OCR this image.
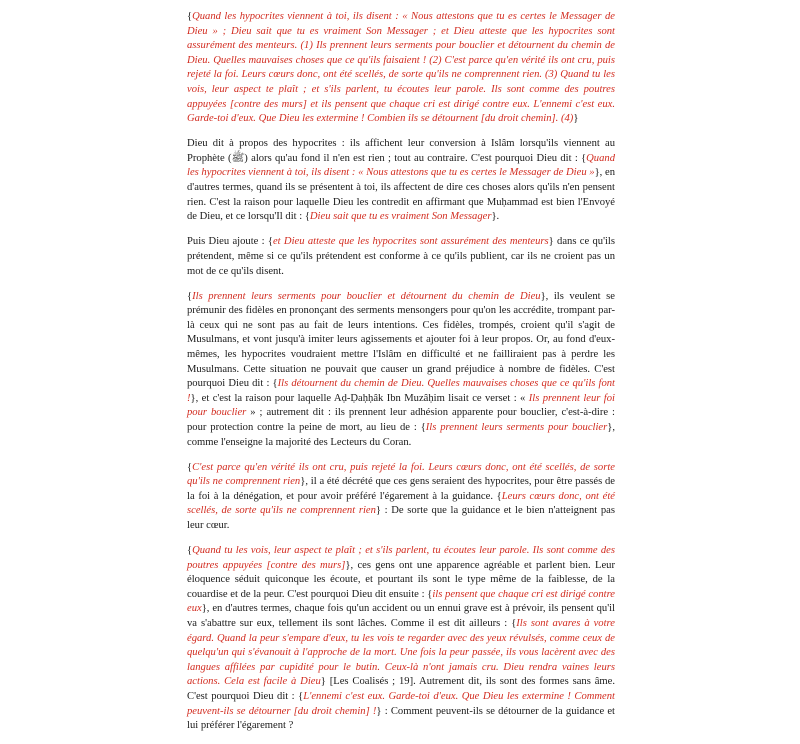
{Quand les hypocrites viennent à toi, ils disent : « Nous attestons que tu es certes le Messager de Dieu » ; Dieu sait que tu es vraiment Son Messager ; et Dieu atteste que les hypocrites sont assurément des menteurs. (1) Ils prennent leurs serments pour bouclier et détournent du chemin de Dieu. Quelles mauvaises choses que ce qu'ils faisaient ! (2) C'est parce qu'en vérité ils ont cru, puis rejeté la foi. Leurs cœurs donc, ont été scellés, de sorte qu'ils ne comprennent rien. (3) Quand tu les vois, leur aspect te plaît ; et s'ils parlent, tu écoutes leur parole. Ils sont comme des poutres appuyées [contre des murs] et ils pensent que chaque cri est dirigé contre eux. L'ennemi c'est eux. Garde-toi d'eux. Que Dieu les extermine ! Combien ils se détournent [du droit chemin]. (4)}

Dieu dit à propos des hypocrites : ils affichent leur conversion à Islâm lorsqu'ils viennent au Prophète (ﷺ) alors qu'au fond il n'en est rien ; tout au contraire. C'est pourquoi Dieu dit : {Quand les hypocrites viennent à toi, ils disent : « Nous attestons que tu es certes le Messager de Dieu »}, en d'autres termes, quand ils se présentent à toi, ils affectent de dire ces choses alors qu'ils n'en pensent rien. C'est la raison pour laquelle Dieu les contredit en affirmant que Muḥammad est bien l'Envoyé de Dieu, et ce lorsqu'Il dit : {Dieu sait que tu es vraiment Son Messager}.

Puis Dieu ajoute : {et Dieu atteste que les hypocrites sont assurément des menteurs} dans ce qu'ils prétendent, même si ce qu'ils prétendent est conforme à ce qu'ils publient, car ils ne croient pas un mot de ce qu'ils disent.

{Ils prennent leurs serments pour bouclier et détournent du chemin de Dieu}, ils veulent se prémunir des fidèles en prononçant des serments mensongers pour qu'on les accrédite, trompant par-là ceux qui ne sont pas au fait de leurs intentions. Ces fidèles, trompés, croient qu'il s'agit de Musulmans, et vont jusqu'à imiter leurs agissements et ajouter foi à leur propos. Or, au fond d'eux-mêmes, les hypocrites voudraient mettre l'Islâm en difficulté et ne failliraient pas à perdre les Musulmans. Cette situation ne pouvait que causer un grand préjudice à nombre de fidèles. C'est pourquoi Dieu dit : {Ils détournent du chemin de Dieu. Quelles mauvaises choses que ce qu'ils font !}, et c'est la raison pour laquelle Aḍ-Ḍaḥḥâk Ibn Muzâḥim lisait ce verset : « Ils prennent leur foi pour bouclier » ; autrement dit : ils prennent leur adhésion apparente pour bouclier, c'est-à-dire : pour protection contre la peine de mort, au lieu de : {Ils prennent leurs serments pour bouclier}, comme l'enseigne la majorité des Lecteurs du Coran.

{C'est parce qu'en vérité ils ont cru, puis rejeté la foi. Leurs cœurs donc, ont été scellés, de sorte qu'ils ne comprennent rien}, il a été décrété que ces gens seraient des hypocrites, pour être passés de la foi à la dénégation, et pour avoir préféré l'égarement à la guidance. {Leurs cœurs donc, ont été scellés, de sorte qu'ils ne comprennent rien} : De sorte que la guidance et le bien n'atteignent pas leur cœur.

{Quand tu les vois, leur aspect te plaît ; et s'ils parlent, tu écoutes leur parole. Ils sont comme des poutres appuyées [contre des murs]}, ces gens ont une apparence agréable et parlent bien. Leur éloquence séduit quiconque les écoute, et pourtant ils sont le type même de la faiblesse, de la couardise et de la peur. C'est pourquoi Dieu dit ensuite : {ils pensent que chaque cri est dirigé contre eux}, en d'autres termes, chaque fois qu'un accident ou un ennui grave est à prévoir, ils pensent qu'il va s'abattre sur eux, tellement ils sont lâches. Comme il est dit ailleurs : {Ils sont avares à votre égard. Quand la peur s'empare d'eux, tu les vois te regarder avec des yeux révulsés, comme ceux de quelqu'un qui s'évanouit à l'approche de la mort. Une fois la peur passée, ils vous lacèrent avec des langues affilées par cupidité pour le butin. Ceux-là n'ont jamais cru. Dieu rendra vaines leurs actions. Cela est facile à Dieu} [Les Coalisés ; 19]. Autrement dit, ils sont des formes sans âme. C'est pourquoi Dieu dit : {L'ennemi c'est eux. Garde-toi d'eux. Que Dieu les extermine ! Comment peuvent-ils se détourner [du droit chemin] !} : Comment peuvent-ils se détourner de la guidance et lui préférer l'égarement ?
